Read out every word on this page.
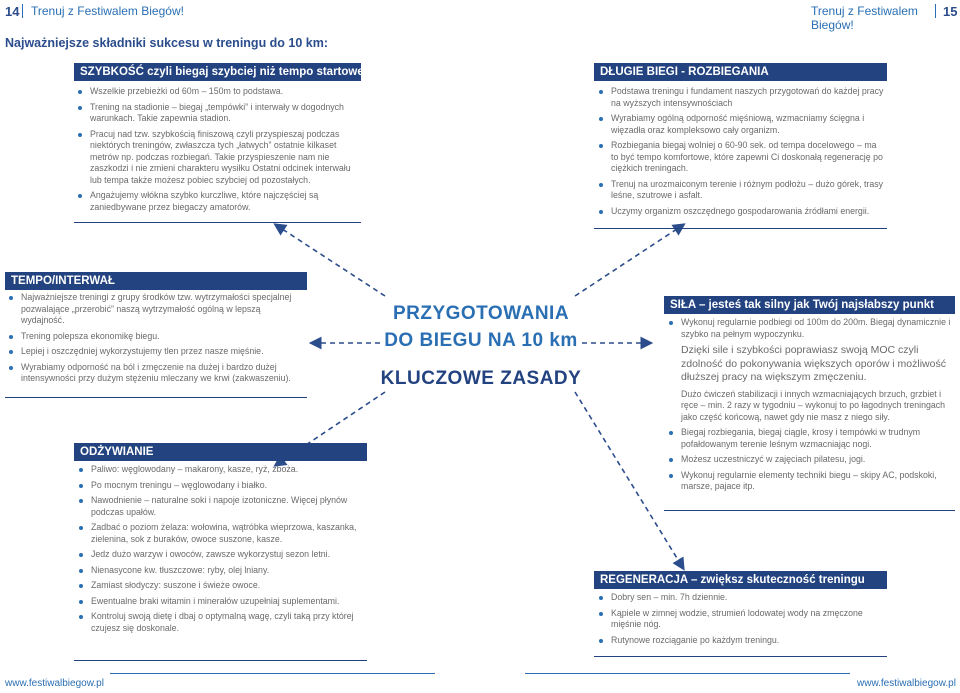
14 Trenuj z Festiwalem Biegów!	Trenuj z Festiwalem Biegów!
15
Najważniejsze składniki sukcesu w treningu do 10 km:
PRZYGOTOWANIA
DO BIEGU NA 10 km
KLUCZOWE ZASADY
SZYBKOŚĆ czyli biegaj szybciej niż tempo startowe
Wszelkie przebieżki od 60m – 150m to podstawa.
Trening na stadionie – biegaj „tempówki” i interwały w dogodnych warunkach. Takie zapewnia stadion.
Pracuj nad tzw. szybkością finiszową czyli przyspieszaj podczas niektórych treningów, zwłaszcza tych „łatwych” ostatnie kilkaset metrów np. podczas rozbiegań. Takie przyspieszenie nam nie zaszkodzi i nie zmieni charakteru wysiłku Ostatni odcinek interwału lub tempa także możesz pobiec szybciej od pozostałych.
Angażujemy włókna szybko kurczliwe, które najczęściej są zaniedbywane przez biegaczy amatorów.
DŁUGIE BIEGI - ROZBIEGANIA
Podstawa treningu i fundament naszych przygotowań do każdej pracy na wyższych intensywnościach
Wyrabiamy ogólną odporność mięśniową, wzmacniamy ścięgna i więzadła oraz kompleksowo cały organizm.
Rozbiegania biegaj wolniej o 60-90 sek. od tempa docelowego – ma to być tempo komfortowe, które zapewni Ci doskonałą regenerację po ciężkich treningach.
Trenuj na urozmaiconym terenie i różnym podłożu – dużo górek, trasy leśne, szutrowe i asfalt.
Uczymy organizm oszczędnego gospodarowania źródłami energii.
TEMPO/INTERWAŁ
Najważniejsze treningi z grupy środków tzw. wytrzymałości specjalnej pozwalające „przerobić” naszą wytrzymałość ogólną w lepszą wydajność.
Trening polepsza ekonomikę biegu.
Lepiej i oszczędniej wykorzystujemy tlen przez nasze mięśnie.
Wyrabiamy odporność na ból i zmęczenie na dużej i bardzo dużej intensywności przy dużym stężeniu mleczany we krwi (zakwaszeniu).
SIŁA – jesteś tak silny jak Twój najsłabszy punkt
Wykonuj regularnie podbiegi od 100m do 200m. Biegaj dynamicznie i szybko na pełnym wypoczynku.
Dzięki sile i szybkości poprawiasz swoją MOC czyli zdolność do pokonywania większych oporów i możliwość dłuższej pracy na większym zmęczeniu.
Dużo ćwiczeń stabilizacji i innych wzmacniających brzuch, grzbiet i ręce – min. 2 razy w tygodniu – wykonuj to po łagodnych treningach jako część końcową, nawet gdy nie masz z niego siły.
Biegaj rozbiegania, biegaj ciągle, krosy i tempówki w trudnym pofałdowanym terenie leśnym wzmacniając nogi.
Możesz uczestniczyć w zajęciach pilatesu, jogi.
Wykonuj regularnie elementy techniki biegu – skipy AC, podskoki, marsze, pajace itp.
ODŻYWIANIE
Paliwo: węglowodany – makarony, kasze, ryż, zboża.
Po mocnym treningu – węglowodany i białko.
Nawodnienie – naturalne soki i napoje izotoniczne. Więcej płynów podczas upałów.
Zadbać o poziom żelaza: wołowina, wątróbka wieprzowa, kaszanka, zielenina, sok z buraków, owoce suszone, kasze.
Jedz dużo warzyw i owoców, zawsze wykorzystuj sezon letni.
Nienasycone kw. tłuszczowe: ryby, olej lniany.
Zamiast słodyczy: suszone i świeże owoce.
Ewentualne braki witamin i minerałów uzupełniaj suplementami.
Kontroluj swoją dietę i dbaj o optymalną wagę, czyli taką przy której czujesz się doskonale.
REGENERACJA – zwiększ skuteczność treningu
Dobry sen – min. 7h dziennie.
Kąpiele w zimnej wodzie, strumień lodowatej wody na zmęczone mięśnie nóg.
Rutynowe rozciąganie po każdym treningu.
www.festiwalbiegow.pl	www.festiwalbiegow.pl
